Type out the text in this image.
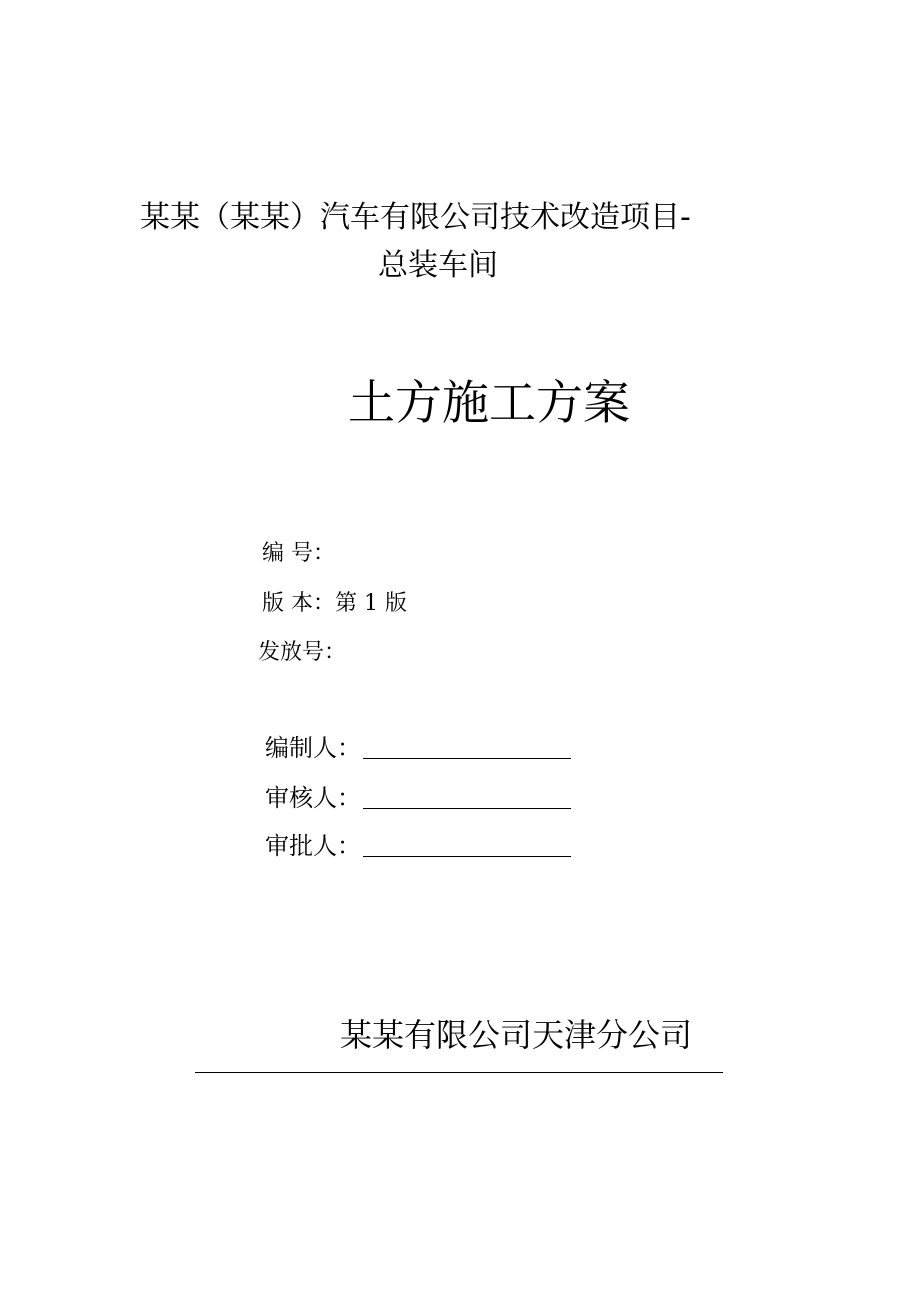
某某（某某）汽车有限公司技术改造项目-
总装车间
土方施工方案
编 号：
版 本：第 1 版
发放号：
编制人：
审核人：
审批人：
某某有限公司天津分公司
